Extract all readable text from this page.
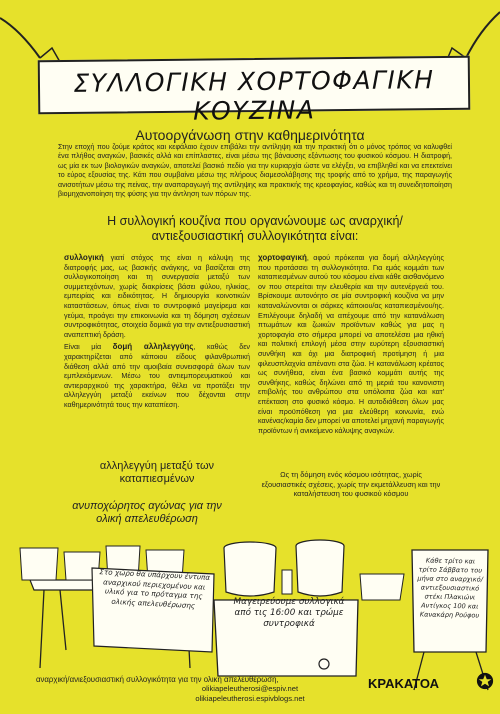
ΣΥΛΛΟΓΙΚΗ ΧΟΡΤΟΦΑΓΙΚΗ ΚΟΥΖΙΝΑ
Αυτοοργάνωση στην καθημερινότητα
Στην εποχή που ζούμε κράτος και κεφάλαιο έχουν επιβάλει την αντίληψη και την πρακτική ότι ο μόνος τρόπος να καλυφθεί ένα πλήθος αναγκών, βασικές αλλά και επίπλαστες, είναι μέσω της βάναυσης εξόντωσης του φυσικού κόσμου. Η διατροφή, ως μία εκ των βιολογικών αναγκών, αποτελεί βασικό πεδίο για την κυριαρχία ώστε να ελέγξει, να επιβληθεί και να επεκτείνει το εύρος εξουσίας της. Κάτι που συμβαίνει μέσω της πλήρους διαμεσολάβησης της τροφής από το χρήμα, της παραγωγής ανισοτήτων μέσω της πείνας, την αναπαραγωγή της αντίληψης και πρακτικής της κρεοφαγίας, καθώς και τη συνειδητοποίηση βιομηχανοποίηση της φύσης για την άντληση των πόρων της.
Η συλλογική κουζίνα που οργανώνουμε ως αναρχική/ αντιεξουσιαστική συλλογικότητα είναι:

συλλογική γιατί στόχος της είναι η κάλυψη της διατροφής μας, ως βασικής ανάγκης, να βασίζεται στη συλλογικοποίηση και τη συνεργασία μεταξύ των συμμετεχόντων, χωρίς διακρίσεις βάσει φύλου, ηλικίας, εμπειρίας και ειδικότητας. Η δημιουργία κοινοτικών καταστάσεων, όπως είναι το συντροφικό μαγείρεμα και γεύμα, προάγει την επικοινωνία και τη δόμηση σχέσεων συντροφικότητας, στοιχεία δομικά για την αντιεξουσιαστική αναπεπτική δράση.

Είναι μία δομή αλληλεγγύης, καθώς δεν χαρακτηρίζεται από κάποιου είδους φιλανθρωπική διάθεση αλλά από την αμοιβαία συνεισφορά όλων των εμπλεκόμενων. Μέσω του αντιεμπορευματικού και αντιεραρχικού της χαρακτήρα, θέλει να προτάξει την αλληλεγγύη μεταξύ εκείνων που δέχονται στην καθημερινότητά τους την καταπίεση.

χορτοφαγική, αφού πρόκειται για δομή αλληλεγγύης που προτάσσει τη συλλογικότητα. Για εμάς κομμάτι των καταπιεσμένων αυτού του κόσμου είναι κάθε αισθανόμενο ον που στερείται την ελευθερία και την αυτενέργειά του. Βρίσκουμε αυτονόητο σε μία συντροφική κουζίνα να μην καταναλώνονται οι σάρκες κάποιου/ας καταπιεσμένου/ης. Επιλέγουμε δηλαδή να απέχουμε από την κατανάλωση πτωμάτων και ζωικών προϊόντων καθώς για μας η χορτοφαγία στο σήμερα μπορεί να αποτελέσει μια ηθική και πολιτική επιλογή μέσα στην ευρύτερη εξουσιαστική συνθήκη και όχι μια διατροφική προτίμηση ή μια φιλευσπλαχνία απέναντι στα ζώα. Η κατανάλωση κρέατος ως συνήθεια, είναι ένα βασικό κομμάτι αυτής της συνθήκης, καθώς δηλώνει από τη μεριά του κανονιστη επιβολής του ανθρώπου στα υπόλοιπα ζώα και κατ' επέκταση στο φυσικό κόσμο. Η αυτοδιάθεση όλων μας είναι προϋπόθεση για μια ελεύθερη κοινωνία, ενώ κανένας/καμία δεν μπορεί να αποτελεί μηχανή παραγωγής προϊόντων ή ανικείμενο κάλυψης αναγκών.

Ως τη δόμηση ενός κόσμου ισότητας, χωρίς εξουσιαστικές σχέσεις, χωρίς την εκμετάλλευση και την καταλήστευση του φυσικού κόσμου
αλληλεγγύη μεταξύ των καταπιεσμένων
ανυποχώρητος αγώνας για την ολική απελευθέρωση
Στο χώρο θα υπάρχουν έντυπα αναρχικού περιεχομένου και υλικό για το πρόταγμα της ολικής απελευθέρωσης	Μαγειρεύουμε συλλογικά από τις 16:00 και τρώμε συντροφικά
Κάθε τρίτο και τρίτο Σάββατο του μήνα στο αναρχικό/ αντιεξουσιαστικό στέκι Πλακιώνι Αντίγκος 100 και Κανακάρη Ρούφου
αναρχική/ανιεξουσιαστική συλλογικότητα για την ολική απελευθέρωση,
olikiapeleutherosi@espiv.net
olikiapeleutherosi.espivblogs.net
ΚΡΑΚΑΤΟΑ
